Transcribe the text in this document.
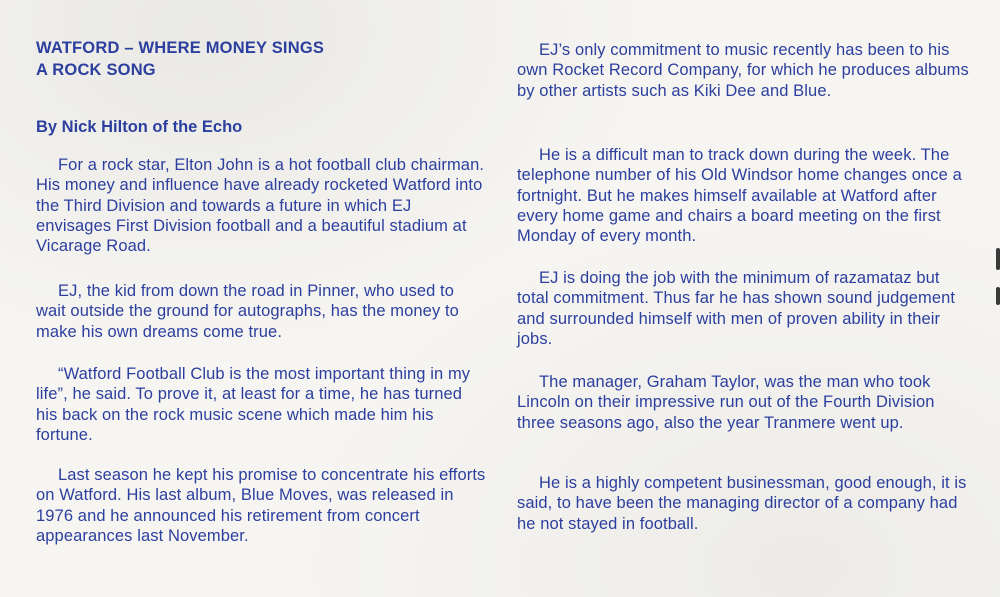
WATFORD – WHERE MONEY SINGS
A ROCK SONG

By Nick Hilton of the Echo

For a rock star, Elton John is a hot football club chairman. His money and influence have already rocketed Watford into the Third Division and towards a future in which EJ envisages First Division football and a beautiful stadium at Vicarage Road.

EJ, the kid from down the road in Pinner, who used to wait outside the ground for autographs, has the money to make his own dreams come true.

“Watford Football Club is the most important thing in my life”, he said. To prove it, at least for a time, he has turned his back on the rock music scene which made him his fortune.

Last season he kept his promise to concentrate his efforts on Watford. His last album, Blue Moves, was released in 1976 and he announced his retirement from concert appearances last November.

EJ’s only commitment to music recently has been to his own Rocket Record Company, for which he produces albums by other artists such as Kiki Dee and Blue.

He is a difficult man to track down during the week. The telephone number of his Old Windsor home changes once a fortnight. But he makes himself available at Watford after every home game and chairs a board meeting on the first Monday of every month.

EJ is doing the job with the minimum of razamataz but total commitment. Thus far he has shown sound judgement and surrounded himself with men of proven ability in their jobs.

The manager, Graham Taylor, was the man who took Lincoln on their impressive run out of the Fourth Division three seasons ago, also the year Tranmere went up.

He is a highly competent businessman, good enough, it is said, to have been the managing director of a company had he not stayed in football.
